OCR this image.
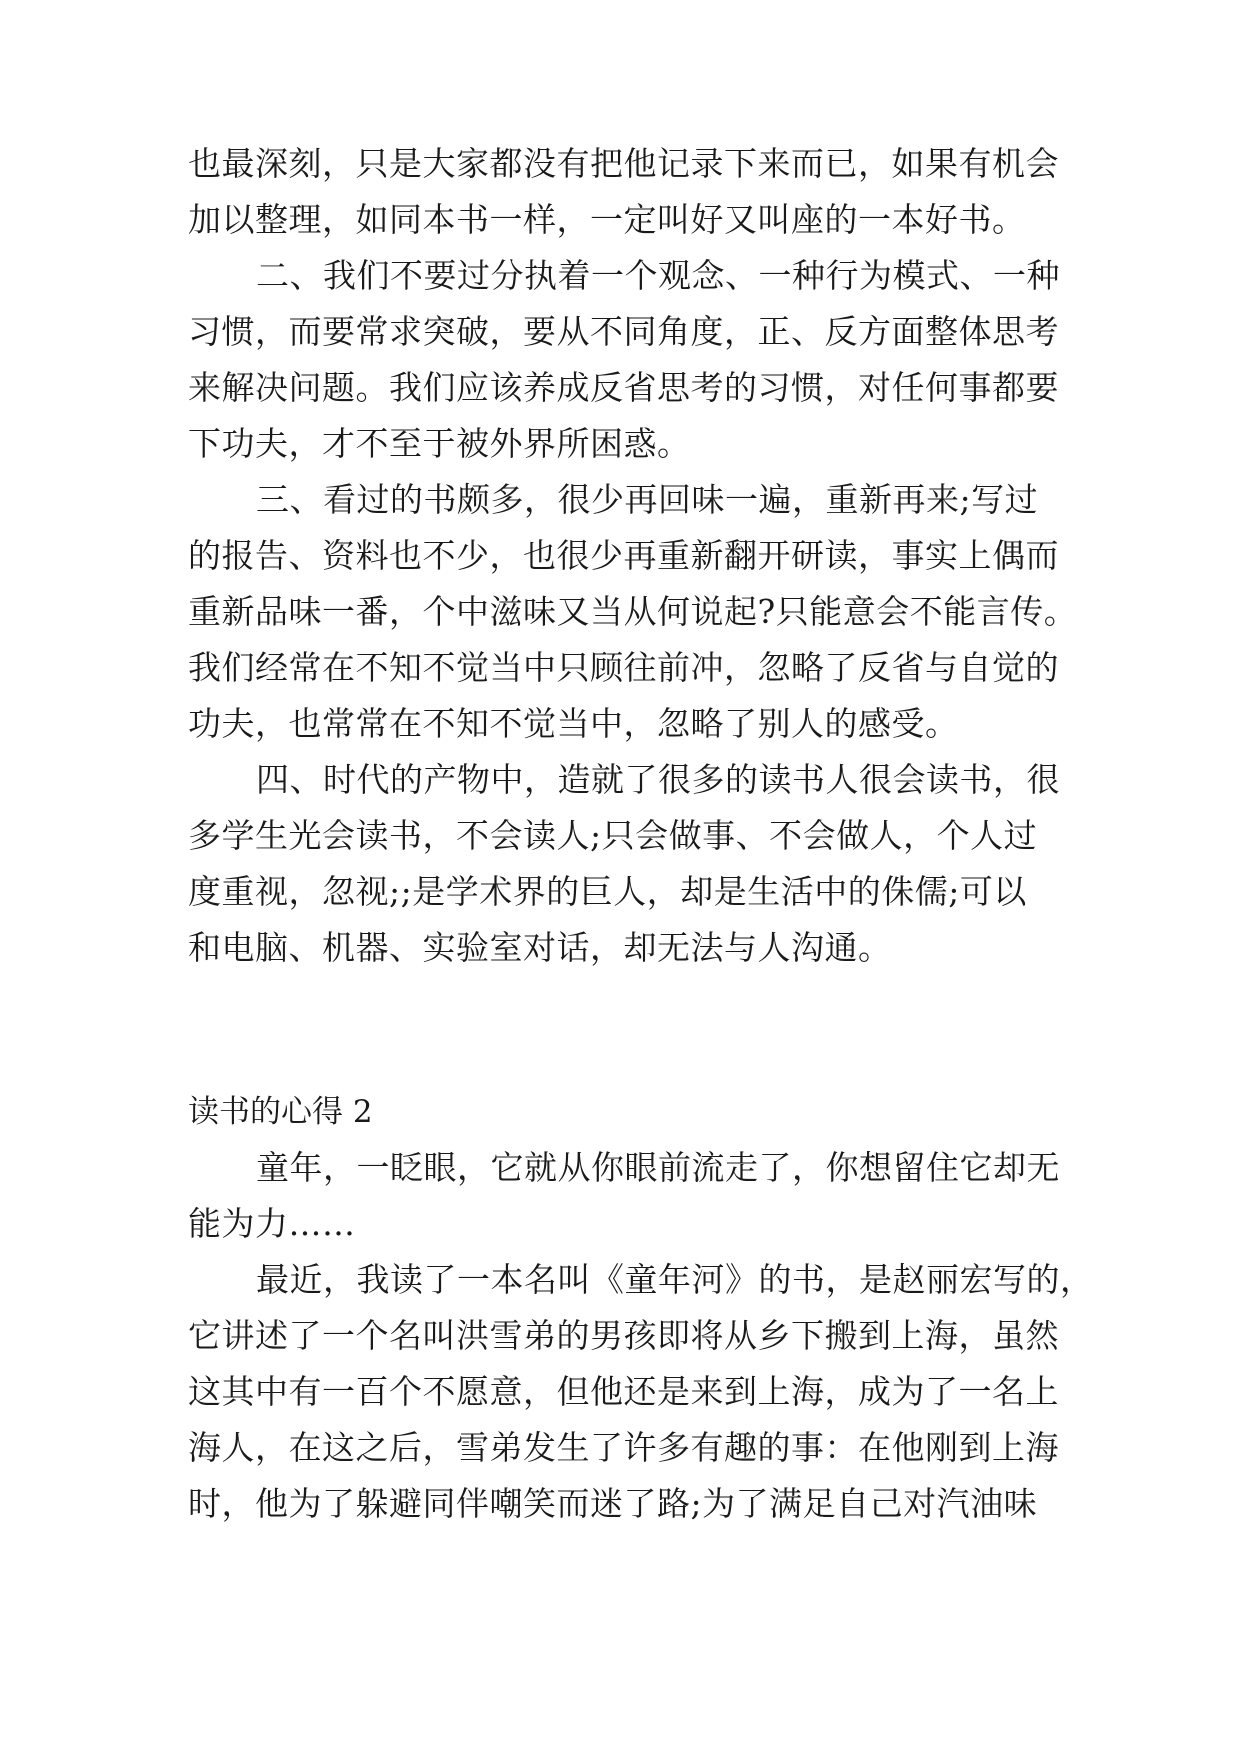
也最深刻，只是大家都没有把他记录下来而已，如果有机会
加以整理，如同本书一样，一定叫好又叫座的一本好书。
二、我们不要过分执着一个观念、一种行为模式、一种
习惯，而要常求突破，要从不同角度，正、反方面整体思考
来解决问题。我们应该养成反省思考的习惯，对任何事都要
下功夫，才不至于被外界所困惑。
三、看过的书颇多，很少再回味一遍，重新再来;写过
的报告、资料也不少，也很少再重新翻开研读，事实上偶而
重新品味一番，个中滋味又当从何说起?只能意会不能言传。
我们经常在不知不觉当中只顾往前冲，忽略了反省与自觉的
功夫，也常常在不知不觉当中，忽略了别人的感受。
四、时代的产物中，造就了很多的读书人很会读书，很
多学生光会读书，不会读人;只会做事、不会做人，个人过
度重视，忽视;;是学术界的巨人，却是生活中的侏儒;可以
和电脑、机器、实验室对话，却无法与人沟通。
读书的心得 2
童年，一眨眼，它就从你眼前流走了，你想留住它却无
能为力……
最近，我读了一本名叫《童年河》的书，是赵丽宏写的，
它讲述了一个名叫洪雪弟的男孩即将从乡下搬到上海，虽然
这其中有一百个不愿意，但他还是来到上海，成为了一名上
海人，在这之后，雪弟发生了许多有趣的事：在他刚到上海
时，他为了躲避同伴嘲笑而迷了路;为了满足自己对汽油味
